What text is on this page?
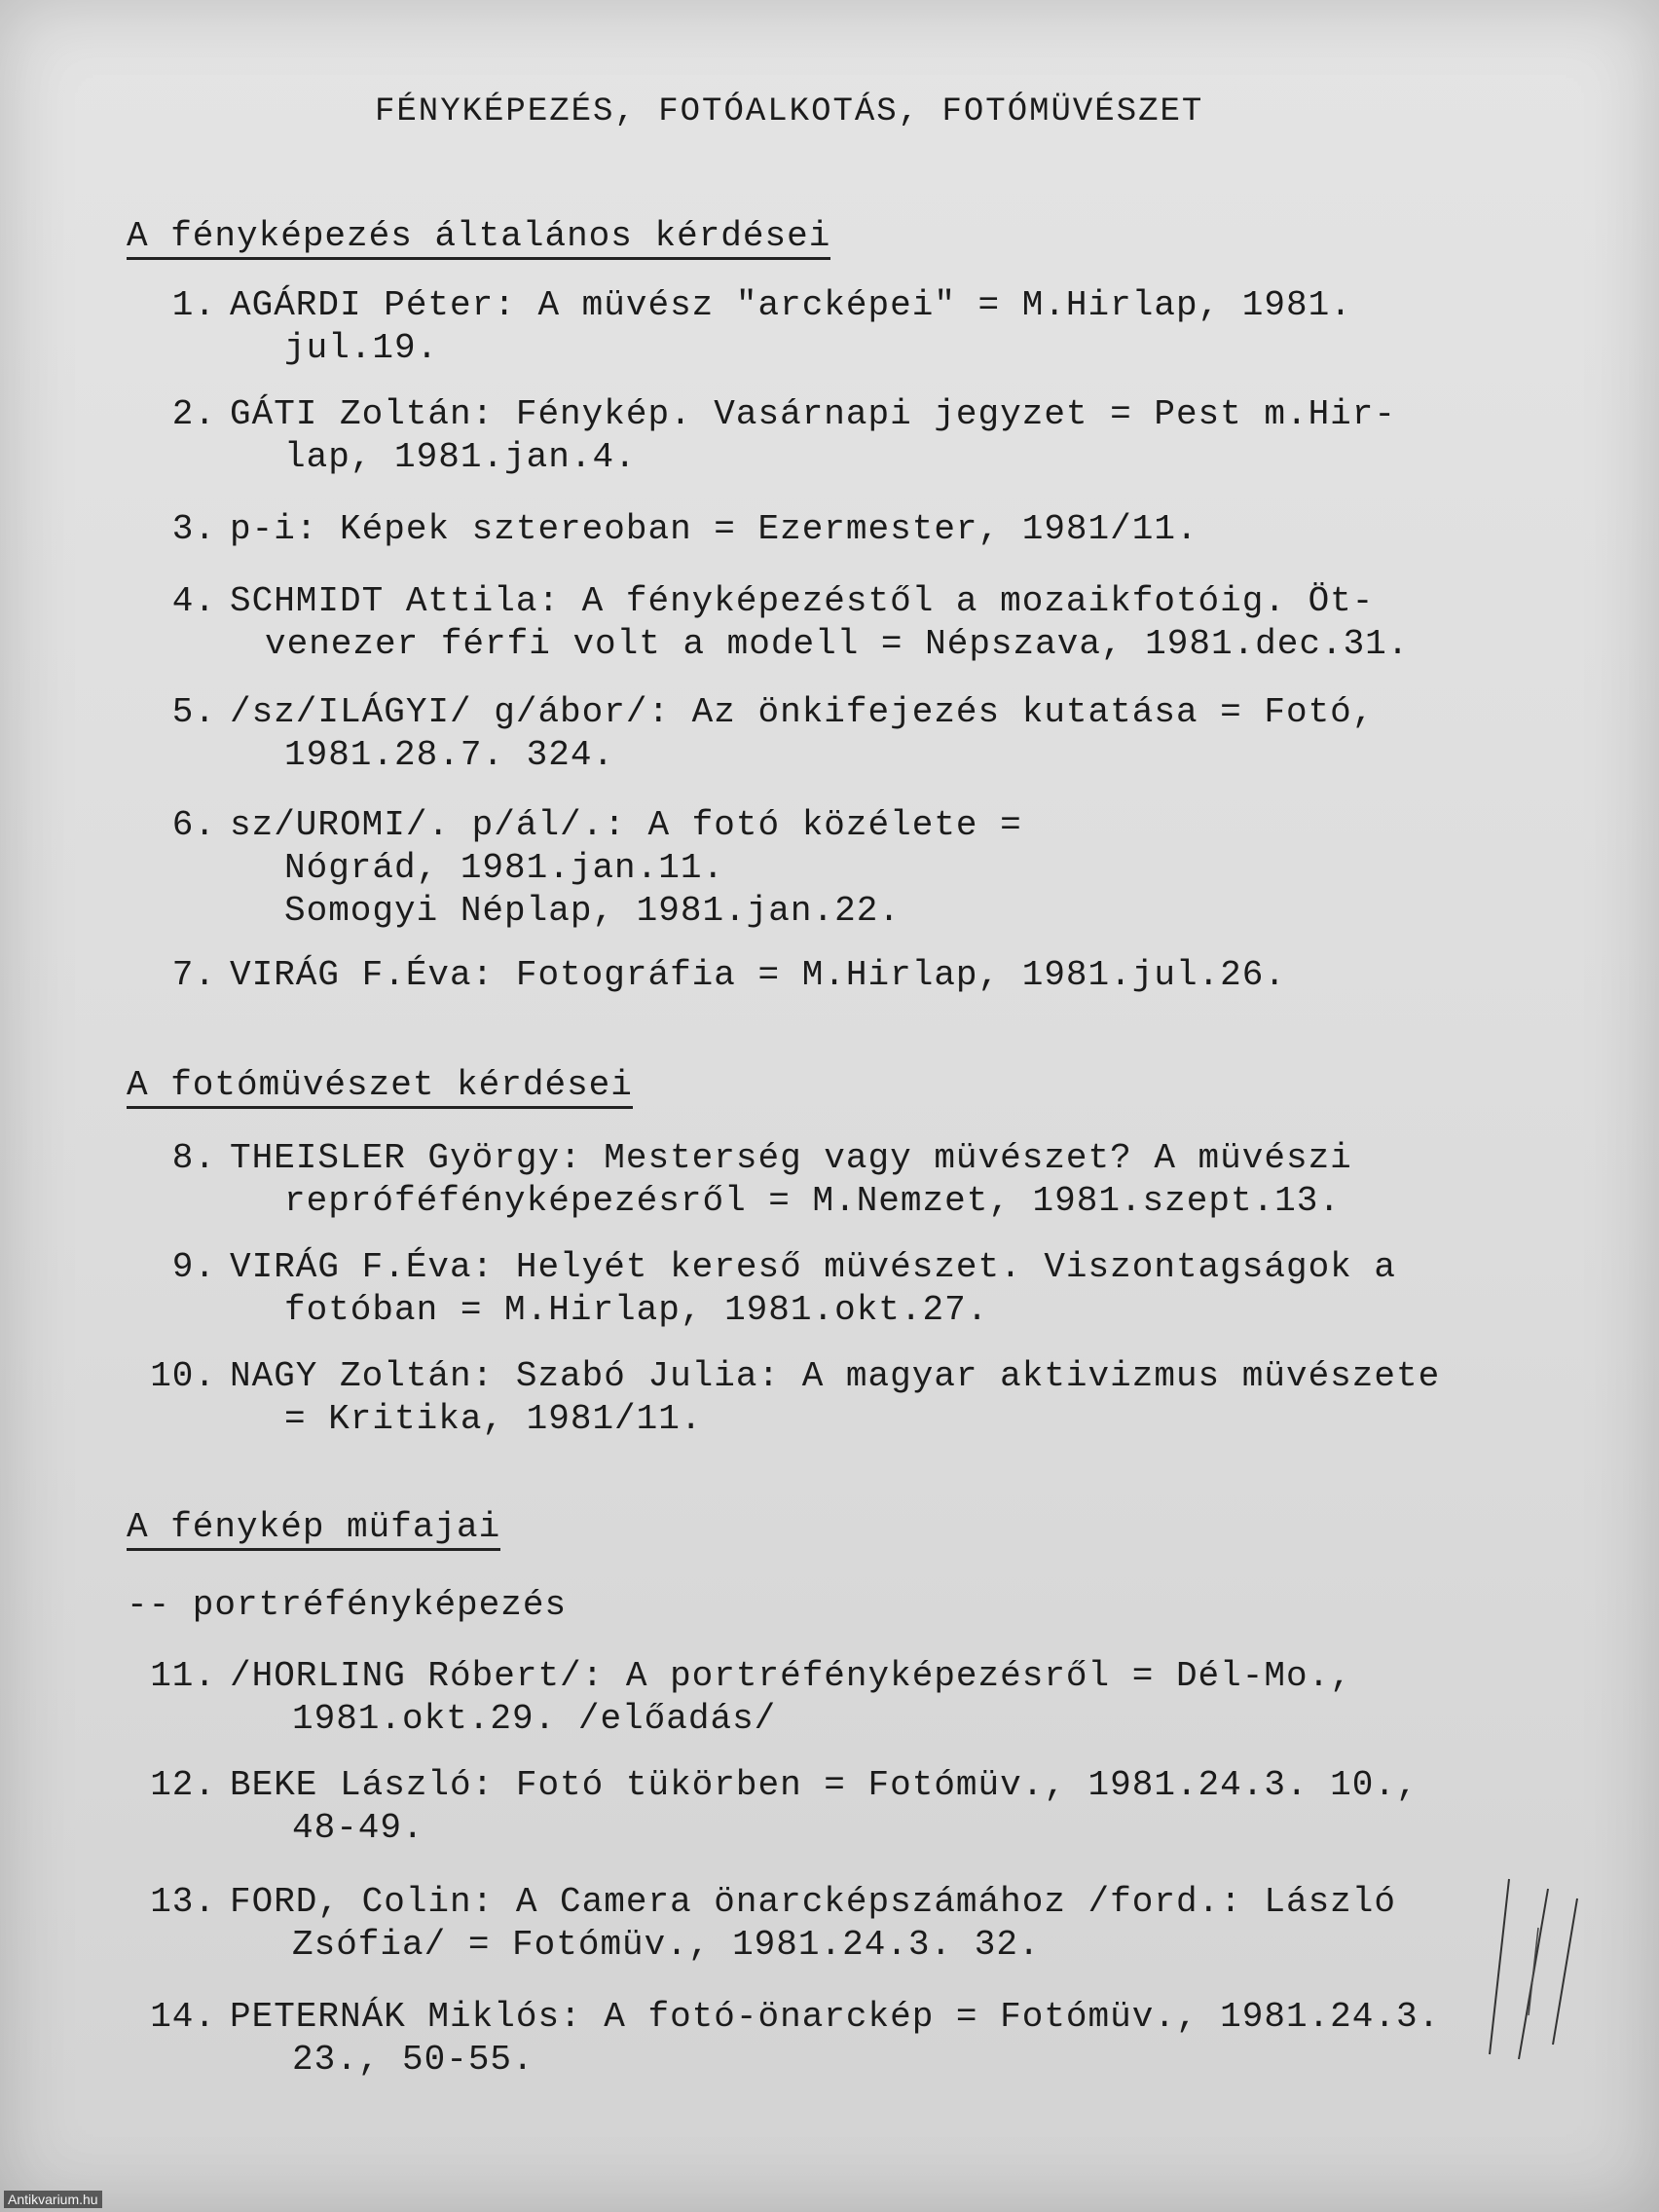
FÉNYKÉPEZÉS, FOTÓALKOTÁS, FOTÓMÜVÉSZET
A fényképezés általános kérdései
1. AGÁRDI Péter: A müvész "arcképei" = M.Hirlap, 1981.
jul.19.
2. GÁTI Zoltán: Fénykép. Vasárnapi jegyzet = Pest m.Hir-
lap, 1981.jan.4.
3. p-i: Képek sztereoban = Ezermester, 1981/11.
4. SCHMIDT Attila: A fényképezéstől a mozaikfotóig. Öt-
venezer férfi volt a modell = Népszava, 1981.dec.31.
5. /sz/ILÁGYI/ g/ábor/: Az önkifejezés kutatása = Fotó,
1981.28.7. 324.
6. sz/UROMI/. p/ál/.: A fotó közélete =
Nógrád, 1981.jan.11.
Somogyi Néplap, 1981.jan.22.
7. VIRÁG F.Éva: Fotográfia = M.Hirlap, 1981.jul.26.
A fotómüvészet kérdései
8. THEISLER György: Mesterség vagy müvészet? A müvészi
repróféfényképezésről = M.Nemzet, 1981.szept.13.
9. VIRÁG F.Éva: Helyét kereső müvészet. Viszontagságok a
fotóban = M.Hirlap, 1981.okt.27.
10. NAGY Zoltán: Szabó Julia: A magyar aktivizmus müvészete
= Kritika, 1981/11.
A fénykép müfajai
-- portréfényképezés
11. /HORLING Róbert/: A portréfényképezésről = Dél-Mo.,
1981.okt.29. /előadás/
12. BEKE László: Fotó tükörben = Fotómüv., 1981.24.3. 10.,
48-49.
13. FORD, Colin: A Camera önarcképszámához /ford.: László
Zsófia/ = Fotómüv., 1981.24.3. 32.
14. PETERNÁK Miklós: A fotó-önarckép = Fotómüv., 1981.24.3.
23., 50-55.
Antikvarium.hu
